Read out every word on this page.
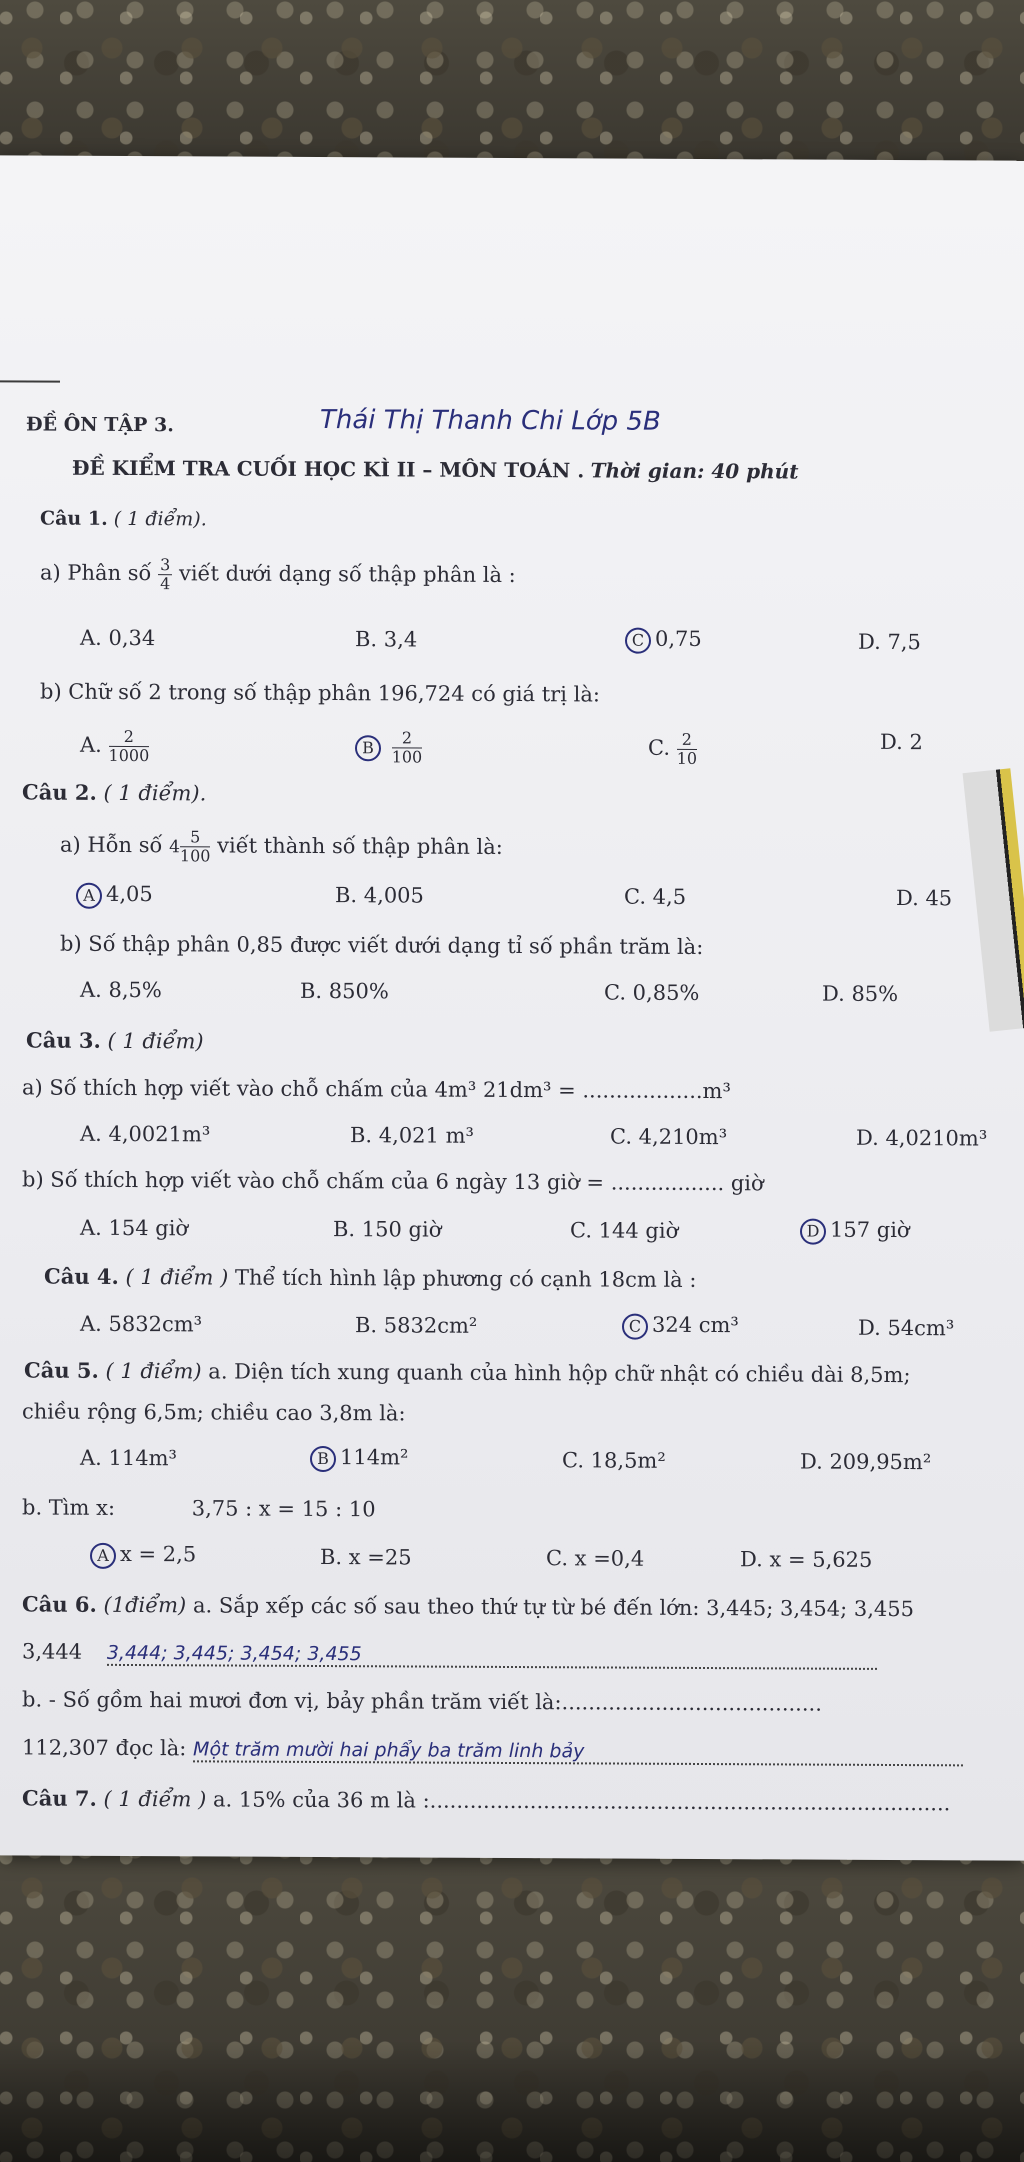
ĐỀ ÔN TẬP 3.	Thái Thị Thanh Chi Lớp 5B
ĐỀ KIỂM TRA CUỐI HỌC KÌ II – MÔN TOÁN . Thời gian: 40 phút
Câu 1. ( 1 điểm).
a) Phân số $\frac{3}{4}$ viết dưới dạng số thập phân là :
A. 0,34	B. 3,4	C 0,75	D. 7,5
b) Chữ số 2 trong số thập phân 196,724 có giá trị là:
A. $\frac{2}{1000}$	B $\frac{2}{100}$	C. $\frac{2}{10}$	D. 2
Câu 2. ( 1 điểm).
a) Hỗn số $4 \frac{5}{100}$ viết thành số thập phân là:
A 4,05	B. 4,005	C. 4,5	D. 45
b) Số thập phân 0,85 được viết dưới dạng tỉ số phần trăm là:
A. 8,5%	B. 850%	C. 0,85%	D. 85%
Câu 3. ( 1 điểm)
a) Số thích hợp viết vào chỗ chấm của 4m³ 21dm³ = ..................m³
A. 4,0021m³	B. 4,021 m³	C. 4,210m³	D. 4,0210m³
b) Số thích hợp viết vào chỗ chấm của 6 ngày 13 giờ = ................. giờ
A. 154 giờ	B. 150 giờ	C. 144 giờ	D 157 giờ
Câu 4. ( 1 điểm ) Thể tích hình lập phương có cạnh 18cm là :
A. 5832cm³	B. 5832cm²	C 324 cm³	D. 54cm³
Câu 5. ( 1 điểm) a. Diện tích xung quanh của hình hộp chữ nhật có chiều dài 8,5m;
chiều rộng 6,5m; chiều cao 3,8m là:
A. 114m³	B 114m²	C. 18,5m²	D. 209,95m²
b. Tìm x:	3,75 : x = 15 : 10
A x = 2,5	B. x =25	C. x =0,4	D. x = 5,625
Câu 6. (1điểm) a. Sắp xếp các số sau theo thứ tự từ bé đến lớn: 3,445; 3,454; 3,455
3,444 3,444; 3,445; 3,454; 3,455
b. - Số gồm hai mươi đơn vị, bảy phần trăm viết là:.......................................
112,307 đọc là: Một trăm mười hai phẩy ba trăm linh bảy
Câu 7. ( 1 điểm ) a. 15% của 36 m là :..............................................................................
